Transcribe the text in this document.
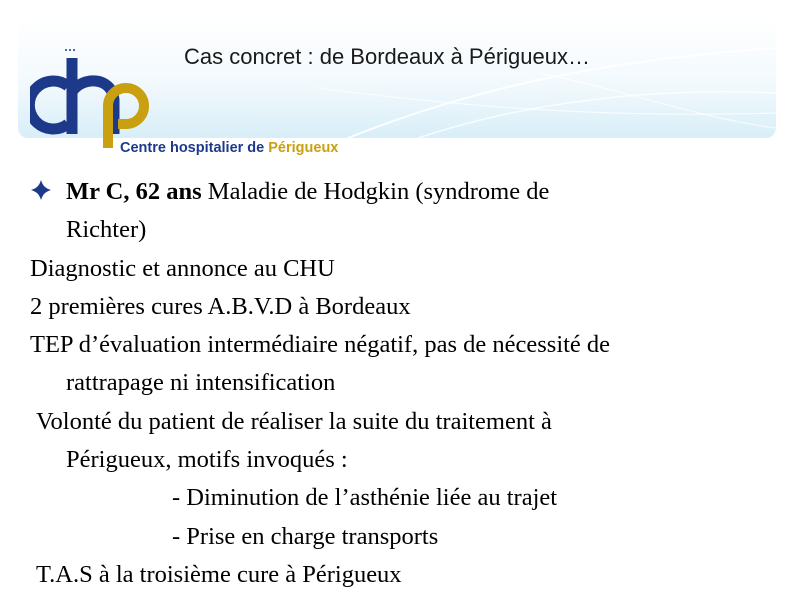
Cas concret : de Bordeaux à Périgueux…
Centre hospitalier de Périgueux
Mr C, 62 ans Maladie de Hodgkin (syndrome de
Richter)
Diagnostic et annonce au CHU
2 premières cures A.B.V.D à Bordeaux
TEP d’évaluation intermédiaire négatif, pas de nécessité de
rattrapage ni intensification
Volonté du patient de réaliser la suite du traitement à
Périgueux, motifs invoqués :
- Diminution de l’asthénie liée au trajet
- Prise en charge transports
T.A.S à la troisième cure à Périgueux
